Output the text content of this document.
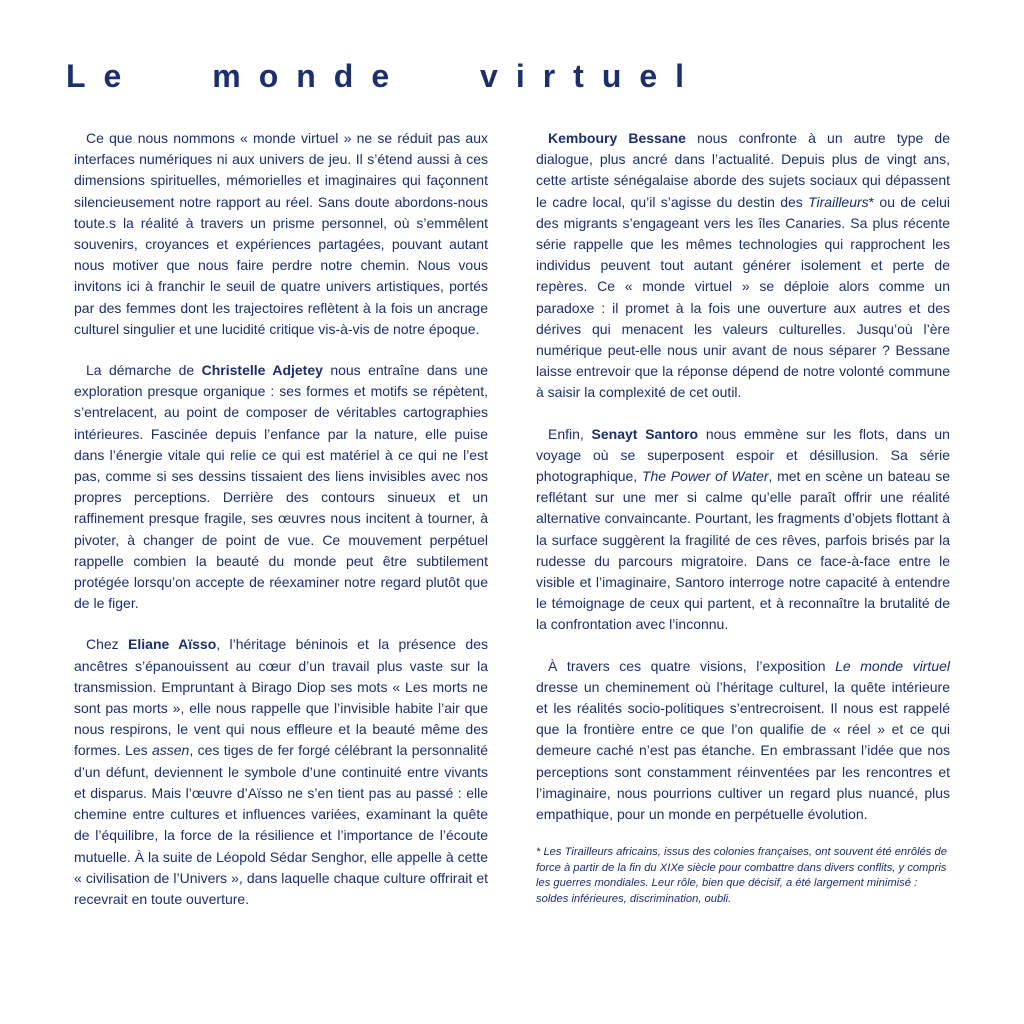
Le monde virtuel

Ce que nous nommons « monde virtuel » ne se réduit pas aux interfaces numériques ni aux univers de jeu. Il s’étend aussi à ces dimensions spirituelles, mémorielles et imaginaires qui façonnent silencieusement notre rapport au réel. Sans doute abordons-nous toute.s la réalité à travers un prisme personnel, où s’emmêlent souvenirs, croyances et expériences partagées, pouvant autant nous motiver que nous faire perdre notre chemin. Nous vous invitons ici à franchir le seuil de quatre univers artistiques, portés par des femmes dont les trajectoires reflètent à la fois un ancrage culturel singulier et une lucidité critique vis-à-vis de notre époque.

La démarche de Christelle Adjetey nous entraîne dans une exploration presque organique : ses formes et motifs se répètent, s’entrelacent, au point de composer de véritables cartographies intérieures. Fascinée depuis l’enfance par la nature, elle puise dans l’énergie vitale qui relie ce qui est matériel à ce qui ne l’est pas, comme si ses dessins tissaient des liens invisibles avec nos propres perceptions. Derrière des contours sinueux et un raffinement presque fragile, ses œuvres nous incitent à tourner, à pivoter, à changer de point de vue. Ce mouvement perpétuel rappelle combien la beauté du monde peut être subtilement protégée lorsqu’on accepte de réexaminer notre regard plutôt que de le figer.

Chez Eliane Aïsso, l’héritage béninois et la présence des ancêtres s’épanouissent au cœur d’un travail plus vaste sur la transmission. Empruntant à Birago Diop ses mots « Les morts ne sont pas morts », elle nous rappelle que l’invisible habite l’air que nous respirons, le vent qui nous effleure et la beauté même des formes. Les assen, ces tiges de fer forgé célébrant la personnalité d’un défunt, deviennent le symbole d’une continuité entre vivants et disparus. Mais l’œuvre d’Aïsso ne s’en tient pas au passé : elle chemine entre cultures et influences variées, examinant la quête de l’équilibre, la force de la résilience et l’importance de l’écoute mutuelle. À la suite de Léopold Sédar Senghor, elle appelle à cette « civilisation de l’Univers », dans laquelle chaque culture offrirait et recevrait en toute ouverture.

Kemboury Bessane nous confronte à un autre type de dialogue, plus ancré dans l’actualité. Depuis plus de vingt ans, cette artiste sénégalaise aborde des sujets sociaux qui dépassent le cadre local, qu’il s’agisse du destin des Tirailleurs* ou de celui des migrants s’engageant vers les îles Canaries. Sa plus récente série rappelle que les mêmes technologies qui rapprochent les individus peuvent tout autant générer isolement et perte de repères. Ce « monde virtuel » se déploie alors comme un paradoxe : il promet à la fois une ouverture aux autres et des dérives qui menacent les valeurs culturelles. Jusqu’où l’ère numérique peut-elle nous unir avant de nous séparer ? Bessane laisse entrevoir que la réponse dépend de notre volonté commune à saisir la complexité de cet outil.

Enfin, Senayt Santoro nous emmène sur les flots, dans un voyage où se superposent espoir et désillusion. Sa série photographique, The Power of Water, met en scène un bateau se reflétant sur une mer si calme qu’elle paraît offrir une réalité alternative convaincante. Pourtant, les fragments d’objets flottant à la surface suggèrent la fragilité de ces rêves, parfois brisés par la rudesse du parcours migratoire. Dans ce face-à-face entre le visible et l’imaginaire, Santoro interroge notre capacité à entendre le témoignage de ceux qui partent, et à reconnaître la brutalité de la confrontation avec l’inconnu.

À travers ces quatre visions, l’exposition Le monde virtuel dresse un cheminement où l’héritage culturel, la quête intérieure et les réalités socio-politiques s’entrecroisent. Il nous est rappelé que la frontière entre ce que l’on qualifie de « réel » et ce qui demeure caché n’est pas étanche. En embrassant l’idée que nos perceptions sont constamment réinventées par les rencontres et l’imaginaire, nous pourrions cultiver un regard plus nuancé, plus empathique, pour un monde en perpétuelle évolution.

* Les Tirailleurs africains, issus des colonies françaises, ont souvent été enrôlés de force à partir de la fin du XIXe siècle pour combattre dans divers conflits, y compris les guerres mondiales. Leur rôle, bien que décisif, a été largement minimisé : soldes inférieures, discrimination, oubli.
